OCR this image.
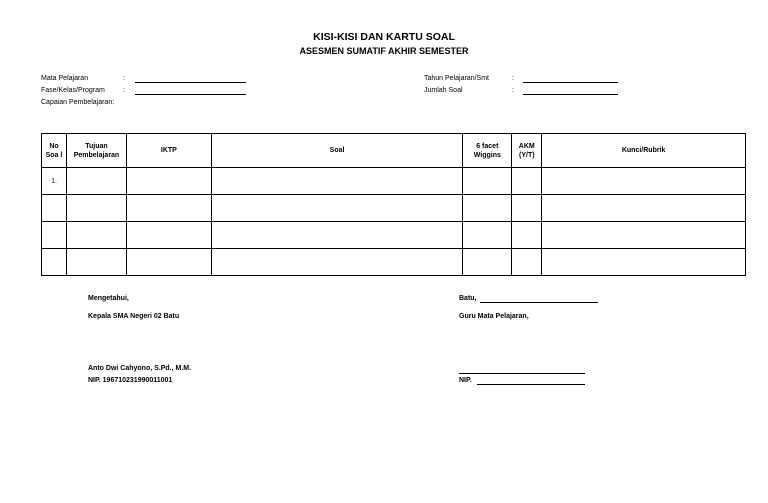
KISI-KISI DAN KARTU SOAL
ASESMEN SUMATIF AKHIR SEMESTER
Mata Pelajaran	:
Fase/Kelas/Program	:
Capaian Pembelajaran:
Tahun Pelajaran/Smt	:
Jumlah Soal	:
No Soa l	Tujuan Pembelajaran	IKTP	Soal	6 facet Wiggins	AKM (Y/T)	Kunci/Rubrik
1.						

Mengetahui,
Kepala SMA Negeri 02 Batu
Anto Dwi Cahyono, S.Pd., M.M.
NIP. 196710231990011001
Batu,
Guru Mata Pelajaran,
NIP.
